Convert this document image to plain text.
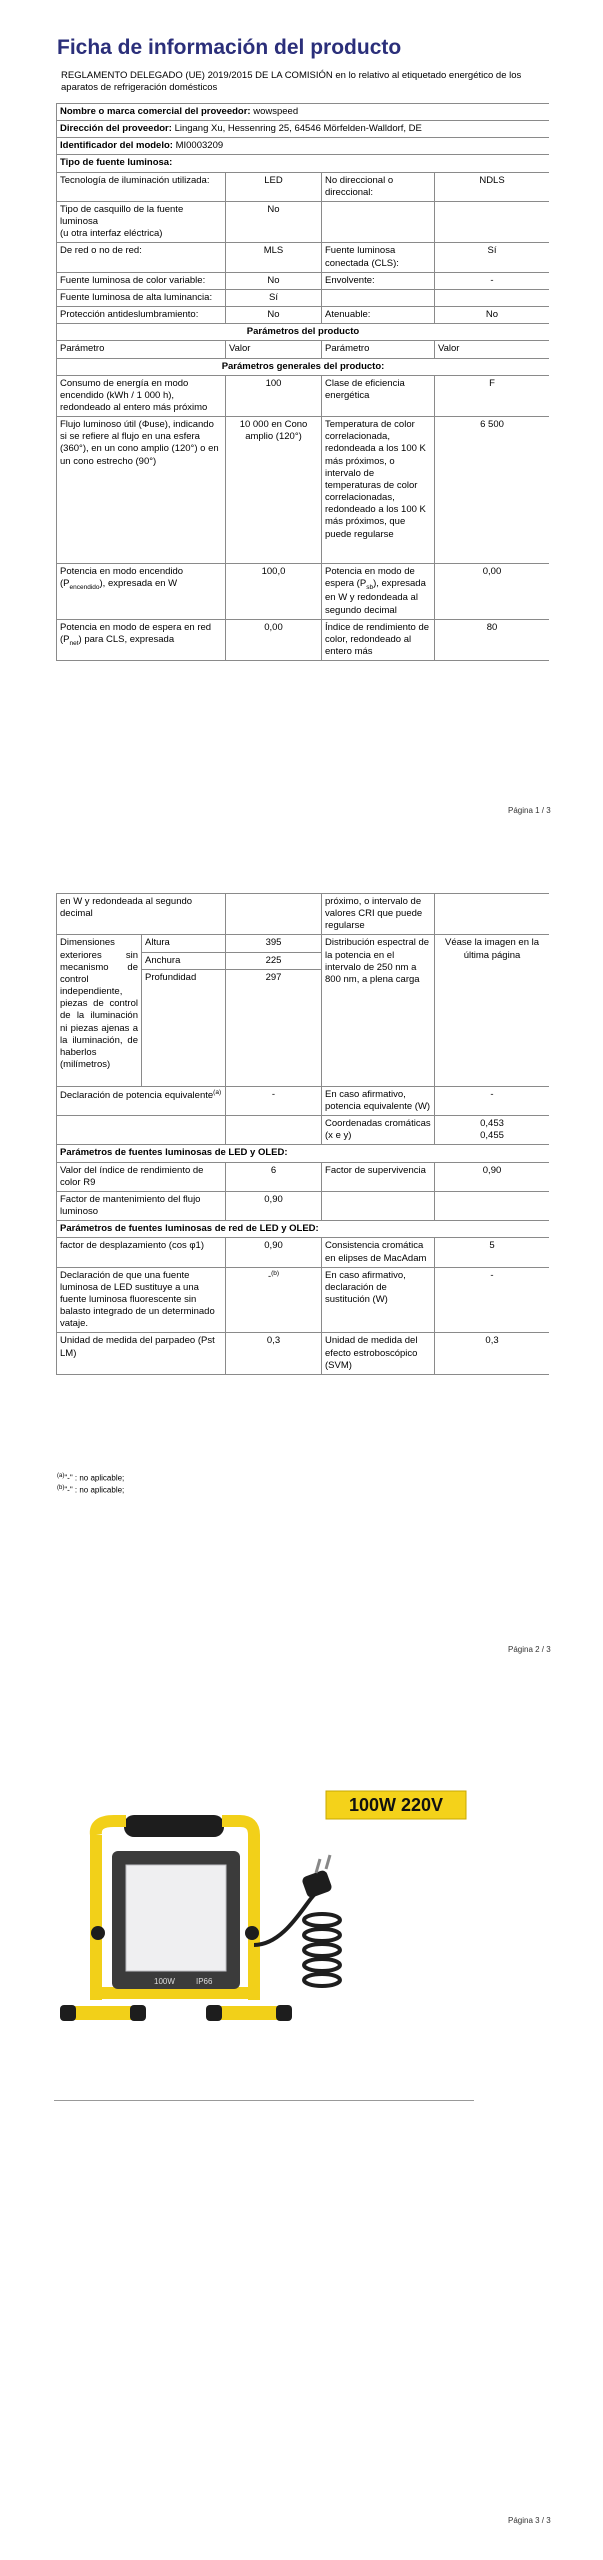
Ficha de información del producto
REGLAMENTO DELEGADO (UE) 2019/2015 DE LA COMISIÓN en lo relativo al etiquetado energético de los aparatos de refrigeración domésticos
Nombre o marca comercial del proveedor: wowspeed			
Dirección del proveedor: Lingang Xu, Hessenring 25, 64546 Mörfelden-Walldorf, DE			
Identificador del modelo: MI0003209			
Tipo de fuente luminosa:			
Tecnología de iluminación utilizada:	LED	No direccional o direccional:	NDLS
Tipo de casquillo de la fuente luminosa
(u otra interfaz eléctrica)	No		
De red o no de red:	MLS	Fuente luminosa conectada (CLS):	Sí
Fuente luminosa de color variable:	No	Envolvente:	-
Fuente luminosa de alta luminancia:	Sí		
Protección antideslumbramiento:	No	Atenuable:	No
Parámetros del producto			
Parámetro	Valor	Parámetro	Valor
Parámetros generales del producto:			
Consumo de energía en modo encendido (kWh / 1 000 h), redondeado al entero más próximo	100	Clase de eficiencia energética	F
Flujo luminoso útil (Φuse), indicando si se refiere al flujo en una esfera (360°), en un cono amplio (120°) o en un cono estrecho (90°)	10 000 en Cono amplio (120°)	Temperatura de color correlacionada, redondeada a los 100 K más próximos, o intervalo de temperaturas de color correlacionadas, redondeado a los 100 K más próximos, que puede regularse	6 500
Potencia en modo encendido $(P_{encendido})$, expresada en W	100,0	Potencia en modo de espera $(P_{sb})$, expresada en W y redondeada al segundo decimal	0,00
Potencia en modo de espera en red $(P_{net})$ para CLS, expresada	0,00	Índice de rendimiento de color, redondeado al entero más	80
Página 1 / 3
en W y redondeada al segundo decimal			próximo, o intervalo de valores CRI que puede regularse	
Dimensiones exteriores sin mecanismo de control independiente, piezas de control de la iluminación ni piezas ajenas a la iluminación, de haberlos (milímetros)	Altura	395	Distribución espectral de la potencia en el intervalo de 250 nm a 800 nm, a plena carga	Véase la imagen en la última página
	Anchura	225		
	Profundidad	297		
Declaración de potencia equivalente$^{(a)}$		-	En caso afirmativo, potencia equivalente (W)	-
			Coordenadas cromáticas (x e y)	0,453
0,455
Parámetros de fuentes luminosas de LED y OLED:				
Valor del índice de rendimiento de color R9		6	Factor de supervivencia	0,90
Factor de mantenimiento del flujo luminoso		0,90		
Parámetros de fuentes luminosas de red de LED y OLED:				
factor de desplazamiento (cos φ1)		0,90	Consistencia cromática en elipses de MacAdam	5
Declaración de que una fuente luminosa de LED sustituye a una fuente luminosa fluorescente sin balasto integrado de un determinado vataje.		-$^{(b)}$	En caso afirmativo, declaración de sustitución (W)	-
Unidad de medida del parpadeo (Pst LM)		0,3	Unidad de medida del efecto estroboscópico (SVM)	0,3
$^{(a)}$"-" : no aplicable;
$^{(b)}$"-" : no aplicable;
Página 2 / 3
100W 220V
100W	IP66
Página 3 / 3
